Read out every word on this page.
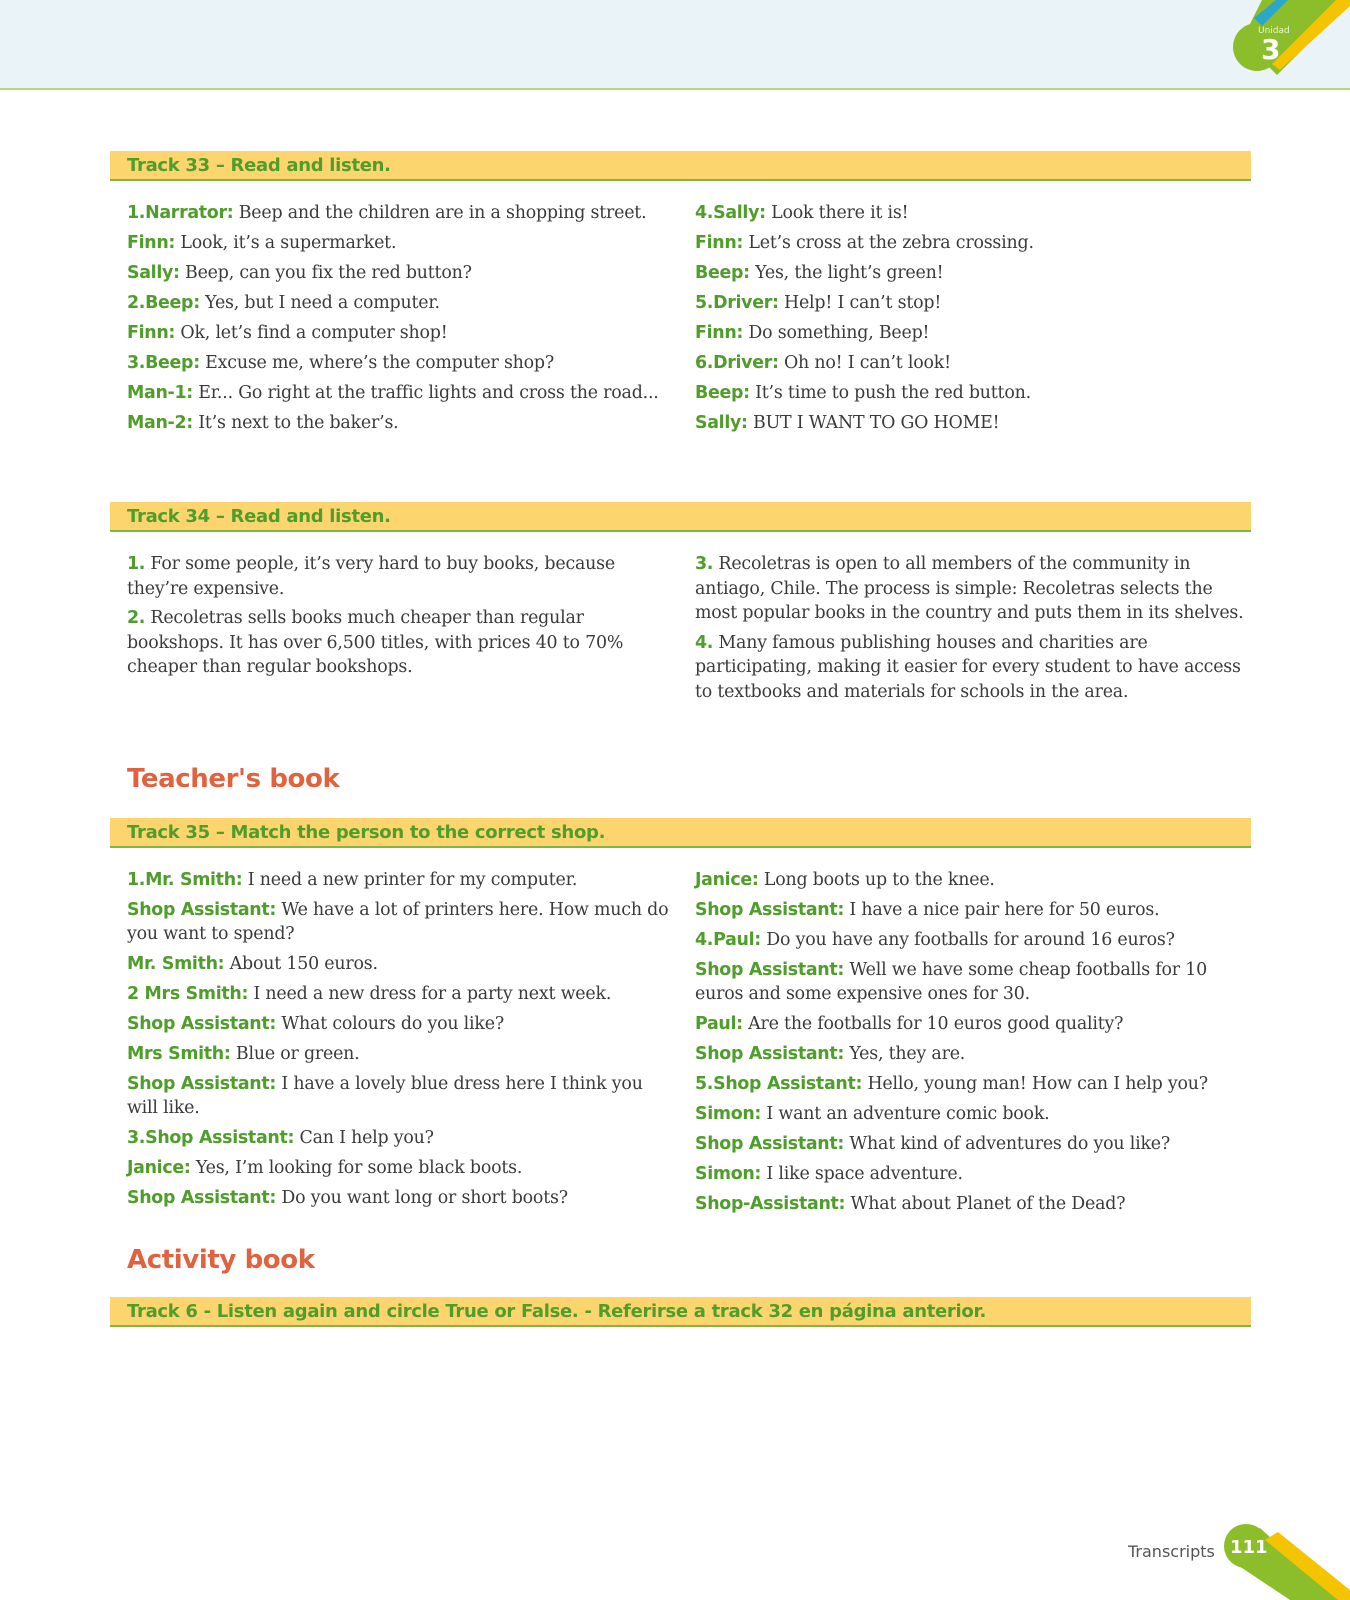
Unidad
3
Track 33 – Read and listen.
1.Narrator: Beep and the children are in a shopping street.
Finn: Look, it’s a supermarket.
Sally: Beep, can you fix the red button?
2.Beep: Yes, but I need a computer.
Finn: Ok, let’s find a computer shop!
3.Beep: Excuse me, where’s the computer shop?
Man-1: Er... Go right at the traffic lights and cross the road...
Man-2: It’s next to the baker’s.
4.Sally: Look there it is!
Finn: Let’s cross at the zebra crossing.
Beep: Yes, the light’s green!
5.Driver: Help! I can’t stop!
Finn: Do something, Beep!
6.Driver: Oh no! I can’t look!
Beep: It’s time to push the red button.
Sally: BUT I WANT TO GO HOME!
Track 34 – Read and listen.
1. For some people, it’s very hard to buy books, because they’re expensive.
2. Recoletras sells books much cheaper than regular bookshops. It has over 6,500 titles, with prices 40 to 70% cheaper than regular bookshops.
3. Recoletras is open to all members of the community in antiago, Chile. The process is simple: Recoletras selects the most popular books in the country and puts them in its shelves.
4. Many famous publishing houses and charities are participating, making it easier for every student to have access to textbooks and materials for schools in the area.
Teacher's book
Track 35 – Match the person to the correct shop.
1.Mr. Smith: I need a new printer for my computer.
Shop Assistant: We have a lot of printers here. How much do you want to spend?
Mr. Smith: About 150 euros.
2 Mrs Smith: I need a new dress for a party next week.
Shop Assistant: What colours do you like?
Mrs Smith: Blue or green.
Shop Assistant: I have a lovely blue dress here I think you will like.
3.Shop Assistant: Can I help you?
Janice: Yes, I’m looking for some black boots.
Shop Assistant: Do you want long or short boots?
Janice: Long boots up to the knee.
Shop Assistant: I have a nice pair here for 50 euros.
4.Paul: Do you have any footballs for around 16 euros?
Shop Assistant: Well we have some cheap footballs for 10 euros and some expensive ones for 30.
Paul: Are the footballs for 10 euros good quality?
Shop Assistant: Yes, they are.
5.Shop Assistant: Hello, young man! How can I help you?
Simon: I want an adventure comic book.
Shop Assistant: What kind of adventures do you like?
Simon: I like space adventure.
Shop-Assistant: What about Planet of the Dead?
Activity book
Track 6 - Listen again and circle True or False. - Referirse a track 32 en página anterior.
Transcripts 111
